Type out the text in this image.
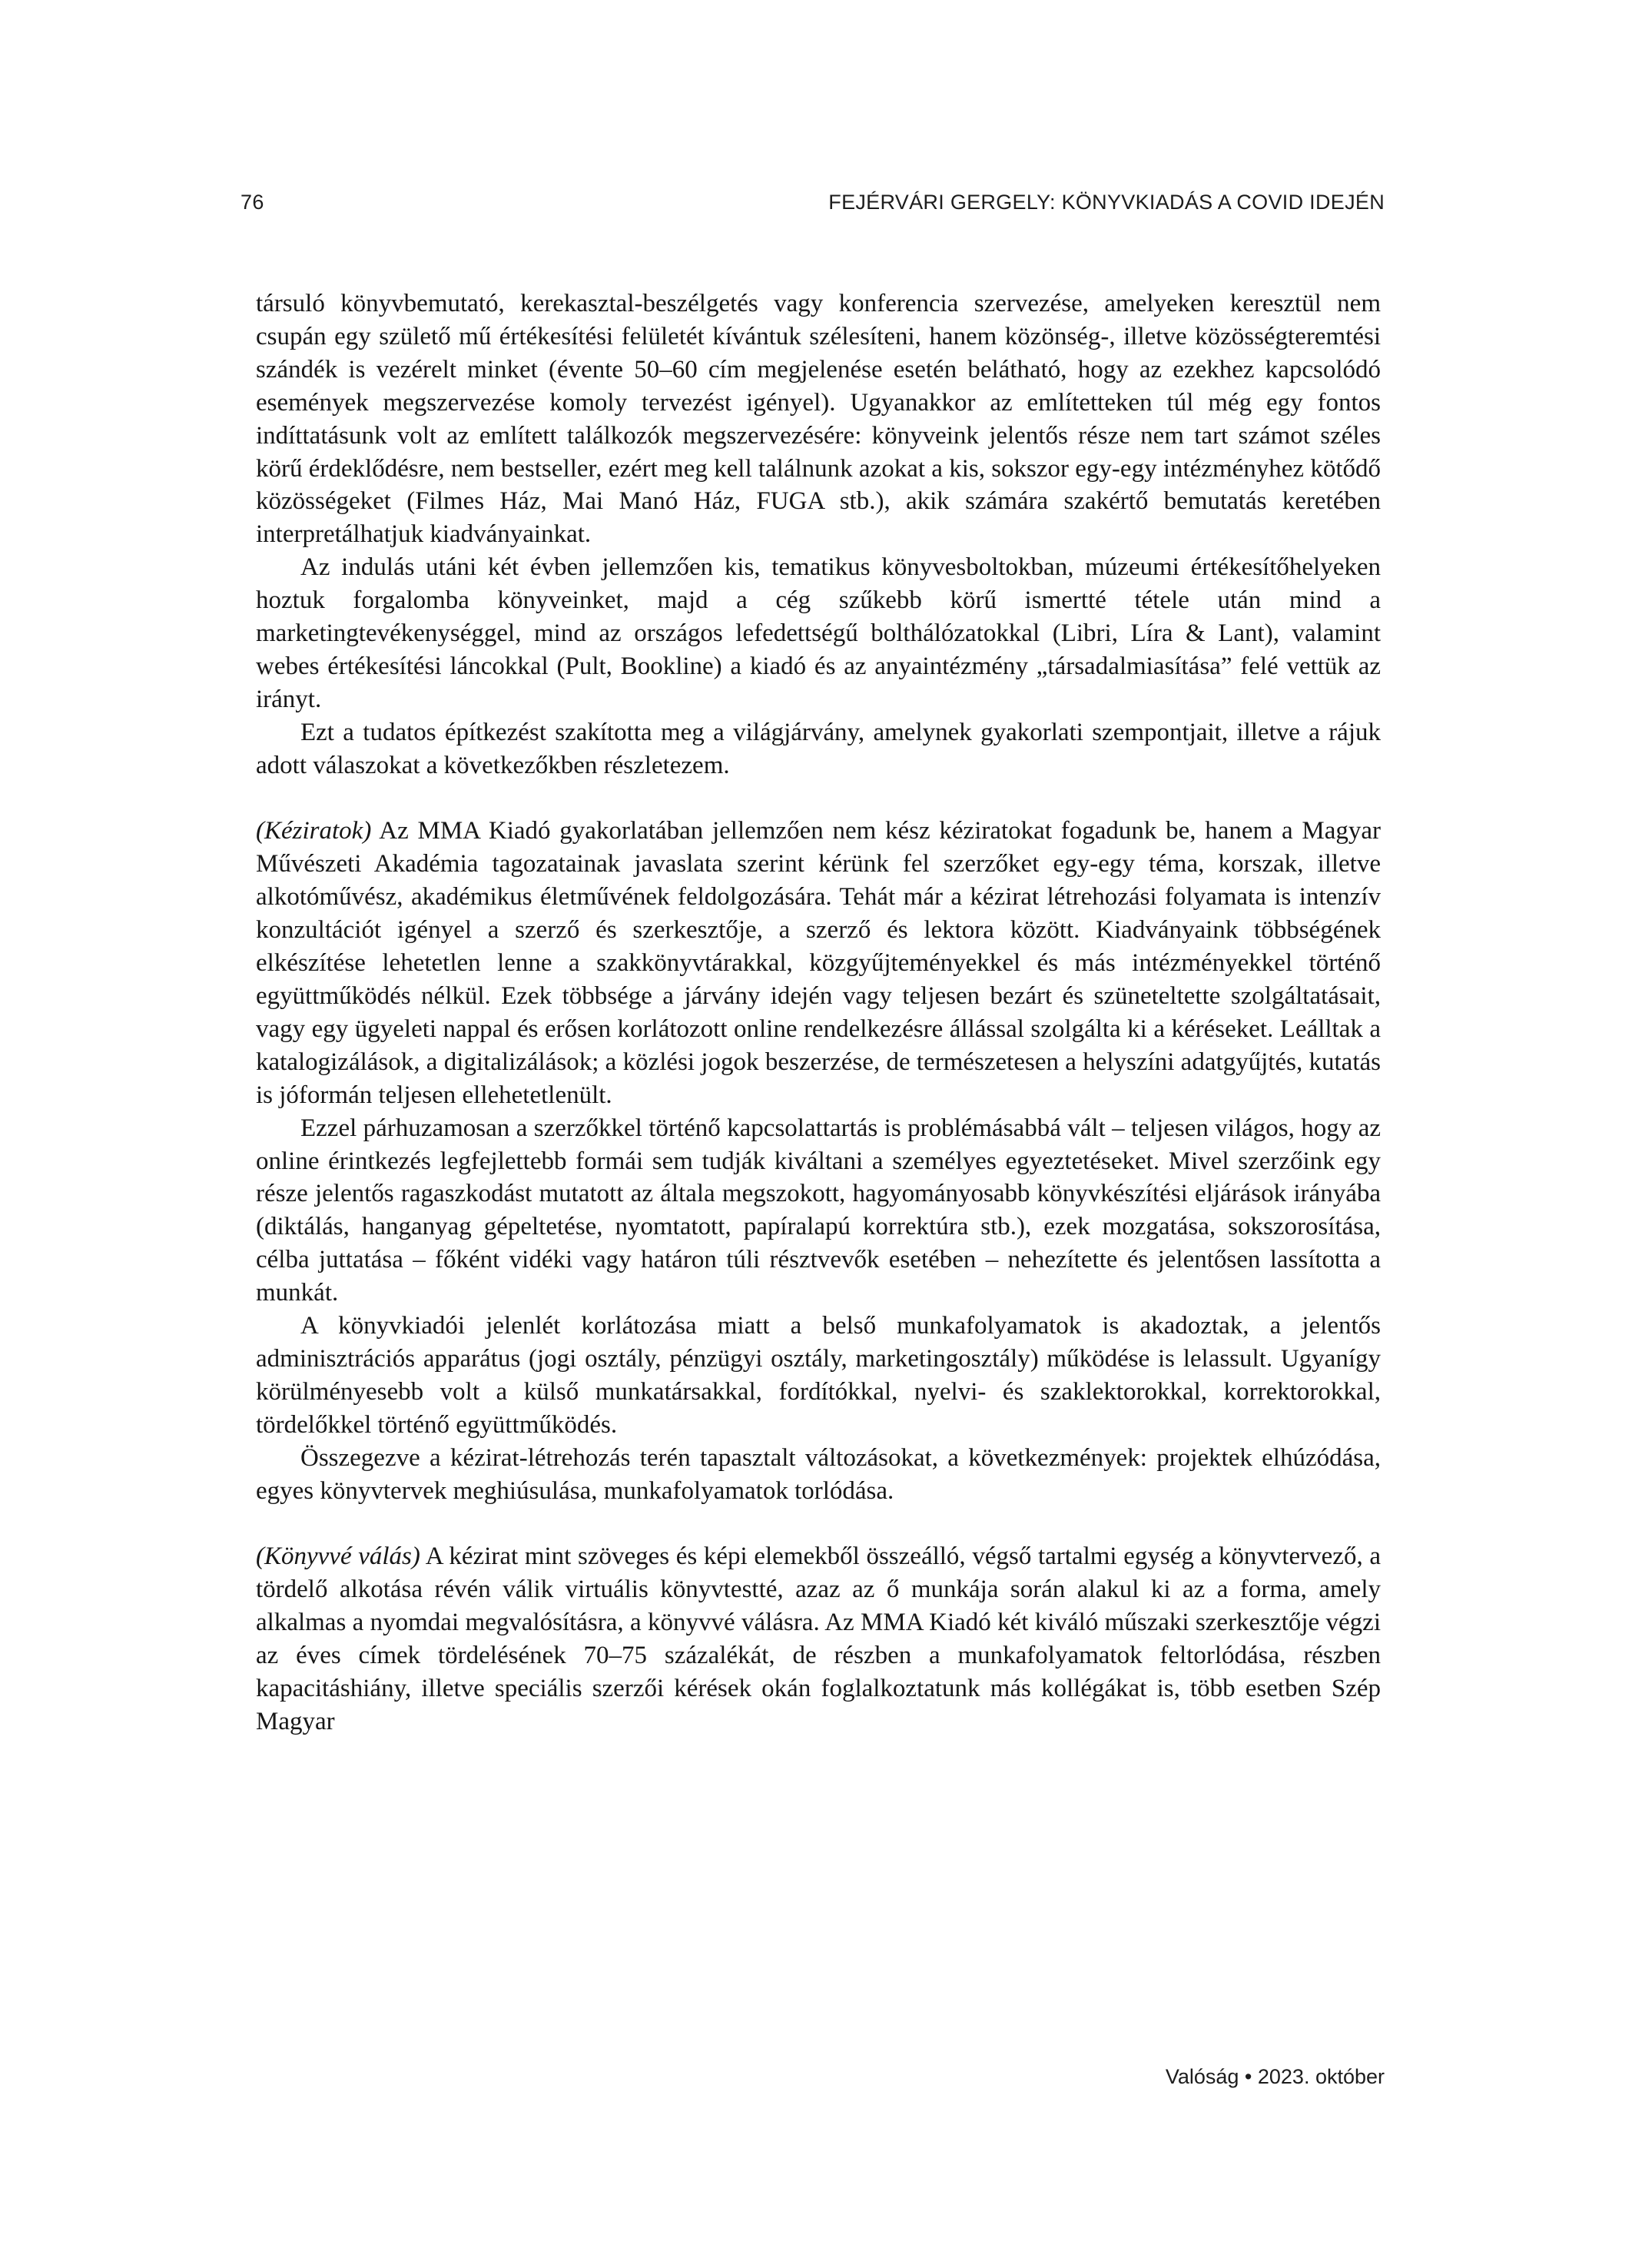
76	FEJÉRVÁRI GERGELY: KÖNYVKIADÁS A COVID IDEJÉN

társuló könyvbemutató, kerekasztal-beszélgetés vagy konferencia szervezése, amelyeken keresztül nem csupán egy születő mű értékesítési felületét kívántuk szélesíteni, hanem közönség-, illetve közösségteremtési szándék is vezérelt minket (évente 50–60 cím megjelenése esetén belátható, hogy az ezekhez kapcsolódó események megszervezése komoly tervezést igényel). Ugyanakkor az említetteken túl még egy fontos indíttatásunk volt az említett találkozók megszervezésére: könyveink jelentős része nem tart számot széles körű érdeklődésre, nem bestseller, ezért meg kell találnunk azokat a kis, sokszor egy-egy intézményhez kötődő közösségeket (Filmes Ház, Mai Manó Ház, FUGA stb.), akik számára szakértő bemutatás keretében interpretálhatjuk kiadványainkat.

Az indulás utáni két évben jellemzően kis, tematikus könyvesboltokban, múzeumi értékesítőhelyeken hoztuk forgalomba könyveinket, majd a cég szűkebb körű ismertté tétele után mind a marketingtevékenységgel, mind az országos lefedettségű bolthálózatokkal (Libri, Líra & Lant), valamint webes értékesítési láncokkal (Pult, Bookline) a kiadó és az anyaintézmény „társadalmiasítása” felé vettük az irányt.

Ezt a tudatos építkezést szakította meg a világjárvány, amelynek gyakorlati szempontjait, illetve a rájuk adott válaszokat a következőkben részletezem.

(Kéziratok) Az MMA Kiadó gyakorlatában jellemzően nem kész kéziratokat fogadunk be, hanem a Magyar Művészeti Akadémia tagozatainak javaslata szerint kérünk fel szerzőket egy-egy téma, korszak, illetve alkotóművész, akadémikus életművének feldolgozására. Tehát már a kézirat létrehozási folyamata is intenzív konzultációt igényel a szerző és szerkesztője, a szerző és lektora között. Kiadványaink többségének elkészítése lehetetlen lenne a szakkönyvtárakkal, közgyűjteményekkel és más intézményekkel történő együttműködés nélkül. Ezek többsége a járvány idején vagy teljesen bezárt és szüneteltette szolgáltatásait, vagy egy ügyeleti nappal és erősen korlátozott online rendelkezésre állással szolgálta ki a kéréseket. Leálltak a katalogizálások, a digitalizálások; a közlési jogok beszerzése, de természetesen a helyszíni adatgyűjtés, kutatás is jóformán teljesen ellehetetlenült.

Ezzel párhuzamosan a szerzőkkel történő kapcsolattartás is problémásabbá vált – teljesen világos, hogy az online érintkezés legfejlettebb formái sem tudják kiváltani a személyes egyeztetéseket. Mivel szerzőink egy része jelentős ragaszkodást mutatott az általa megszokott, hagyományosabb könyvkészítési eljárások irányába (diktálás, hanganyag gépeltetése, nyomtatott, papíralapú korrektúra stb.), ezek mozgatása, sokszorosítása, célba juttatása – főként vidéki vagy határon túli résztvevők esetében – nehezítette és jelentősen lassította a munkát.

A könyvkiadói jelenlét korlátozása miatt a belső munkafolyamatok is akadoztak, a jelentős adminisztrációs apparátus (jogi osztály, pénzügyi osztály, marketingosztály) működése is lelassult. Ugyanígy körülményesebb volt a külső munkatársakkal, fordítókkal, nyelvi- és szaklektorokkal, korrektorokkal, tördelőkkel történő együttműködés.

Összegezve a kézirat-létrehozás terén tapasztalt változásokat, a következmények: projektek elhúzódása, egyes könyvtervek meghiúsulása, munkafolyamatok torlódása.

(Könyvvé válás) A kézirat mint szöveges és képi elemekből összeálló, végső tartalmi egység a könyvtervező, a tördelő alkotása révén válik virtuális könyvtestté, azaz az ő munkája során alakul ki az a forma, amely alkalmas a nyomdai megvalósításra, a könyvvé válásra. Az MMA Kiadó két kiváló műszaki szerkesztője végzi az éves címek tördelésének 70–75 százalékát, de részben a munkafolyamatok feltorlódása, részben kapacitáshiány, illetve speciális szerzői kérések okán foglalkoztatunk más kollégákat is, több esetben Szép Magyar

Valóság • 2023. október
